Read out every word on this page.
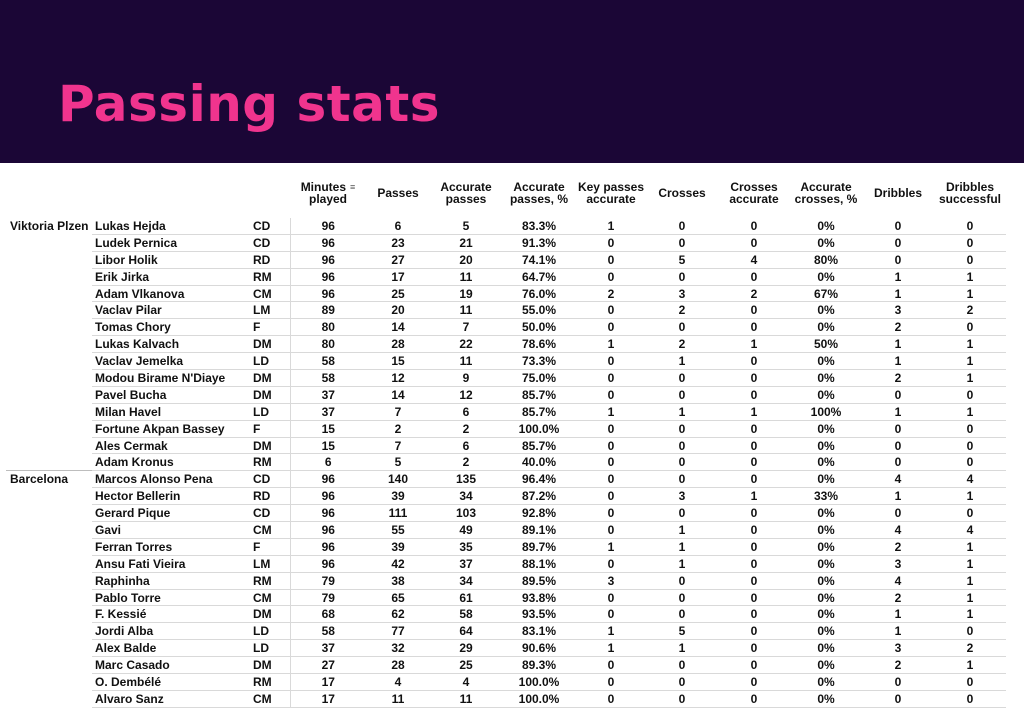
Passing stats
			Minutes ≡
played	Passes	Accurate passes	Accurate passes, %	Key passes accurate	Crosses	Crosses accurate	Accurate crosses, %	Dribbles	Dribbles successful
Viktoria Plzen	Lukas Hejda	CD	96	6	5	83.3%	1	0	0	0%	0	0
	Ludek Pernica	CD	96	23	21	91.3%	0	0	0	0%	0	0
	Libor Holik	RD	96	27	20	74.1%	0	5	4	80%	0	0
	Erik Jirka	RM	96	17	11	64.7%	0	0	0	0%	1	1
	Adam Vlkanova	CM	96	25	19	76.0%	2	3	2	67%	1	1
	Vaclav Pilar	LM	89	20	11	55.0%	0	2	0	0%	3	2
	Tomas Chory	F	80	14	7	50.0%	0	0	0	0%	2	0
	Lukas Kalvach	DM	80	28	22	78.6%	1	2	1	50%	1	1
	Vaclav Jemelka	LD	58	15	11	73.3%	0	1	0	0%	1	1
	Modou Birame N'Diaye	DM	58	12	9	75.0%	0	0	0	0%	2	1
	Pavel Bucha	DM	37	14	12	85.7%	0	0	0	0%	0	0
	Milan Havel	LD	37	7	6	85.7%	1	1	1	100%	1	1
	Fortune Akpan Bassey	F	15	2	2	100.0%	0	0	0	0%	0	0
	Ales Cermak	DM	15	7	6	85.7%	0	0	0	0%	0	0
	Adam Kronus	RM	6	5	2	40.0%	0	0	0	0%	0	0
Barcelona	Marcos Alonso Pena	CD	96	140	135	96.4%	0	0	0	0%	4	4
	Hector Bellerin	RD	96	39	34	87.2%	0	3	1	33%	1	1
	Gerard Pique	CD	96	111	103	92.8%	0	0	0	0%	0	0
	Gavi	CM	96	55	49	89.1%	0	1	0	0%	4	4
	Ferran Torres	F	96	39	35	89.7%	1	1	0	0%	2	1
	Ansu Fati Vieira	LM	96	42	37	88.1%	0	1	0	0%	3	1
	Raphinha	RM	79	38	34	89.5%	3	0	0	0%	4	1
	Pablo Torre	CM	79	65	61	93.8%	0	0	0	0%	2	1
	F. Kessié	DM	68	62	58	93.5%	0	0	0	0%	1	1
	Jordi Alba	LD	58	77	64	83.1%	1	5	0	0%	1	0
	Alex Balde	LD	37	32	29	90.6%	1	1	0	0%	3	2
	Marc Casado	DM	27	28	25	89.3%	0	0	0	0%	2	1
	O. Dembélé	RM	17	4	4	100.0%	0	0	0	0%	0	0
	Alvaro Sanz	CM	17	11	11	100.0%	0	0	0	0%	0	0
